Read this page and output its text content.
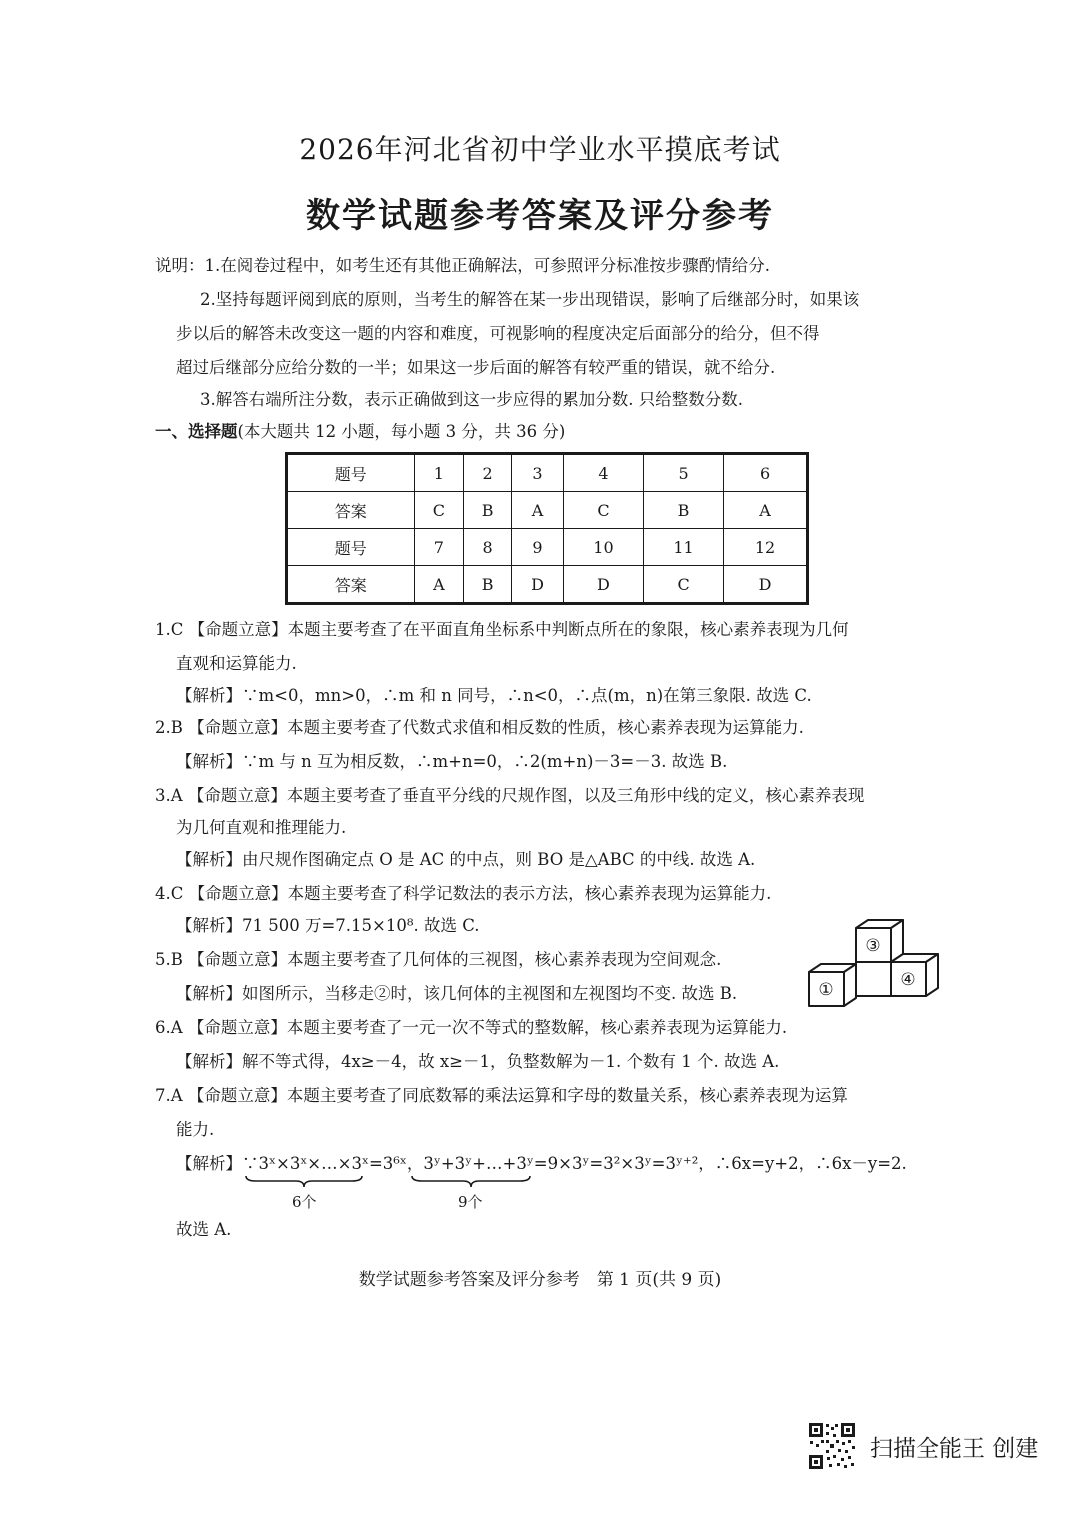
2026年河北省初中学业水平摸底考试
数学试题参考答案及评分参考
说明：1.在阅卷过程中，如考生还有其他正确解法，可参照评分标准按步骤酌情给分.
2.坚持每题评阅到底的原则，当考生的解答在某一步出现错误，影响了后继部分时，如果该
步以后的解答未改变这一题的内容和难度，可视影响的程度决定后面部分的给分，但不得
超过后继部分应给分数的一半；如果这一步后面的解答有较严重的错误，就不给分.
3.解答右端所注分数，表示正确做到这一步应得的累加分数. 只给整数分数.
一、选择题(本大题共 12 小题，每小题 3 分，共 36 分)
题号	1	2	3	4	5	6
答案	C	B	A	C	B	A
题号	7	8	9	10	11	12
答案	A	B	D	D	C	D
1.C 【命题立意】本题主要考查了在平面直角坐标系中判断点所在的象限，核心素养表现为几何
直观和运算能力.
【解析】∵m<0，mn>0，∴m 和 n 同号，∴n<0，∴点(m，n)在第三象限. 故选 C.
2.B 【命题立意】本题主要考查了代数式求值和相反数的性质，核心素养表现为运算能力.
【解析】∵m 与 n 互为相反数，∴m+n=0，∴2(m+n)－3=－3. 故选 B.
3.A 【命题立意】本题主要考查了垂直平分线的尺规作图，以及三角形中线的定义，核心素养表现
为几何直观和推理能力.
【解析】由尺规作图确定点 O 是 AC 的中点，则 BO 是△ABC 的中线. 故选 A.
4.C 【命题立意】本题主要考查了科学记数法的表示方法，核心素养表现为运算能力.
【解析】71 500 万=7.15×10⁸. 故选 C.
5.B 【命题立意】本题主要考查了几何体的三视图，核心素养表现为空间观念.
【解析】如图所示，当移走②时，该几何体的主视图和左视图均不变. 故选 B.
③
①	④
6.A 【命题立意】本题主要考查了一元一次不等式的整数解，核心素养表现为运算能力.
【解析】解不等式得，4x≥－4，故 x≥－1，负整数解为－1. 个数有 1 个. 故选 A.
7.A 【命题立意】本题主要考查了同底数幂的乘法运算和字母的数量关系，核心素养表现为运算
能力.
【解析】∵3ˣ×3ˣ×…×3ˣ=3⁶ˣ，3ʸ+3ʸ+…+3ʸ=9×3ʸ=3²×3ʸ=3ʸ⁺²，∴6x=y+2，∴6x－y=2.
6个	9个
故选 A.
数学试题参考答案及评分参考　第 1 页(共 9 页)
扫描全能王 创建
